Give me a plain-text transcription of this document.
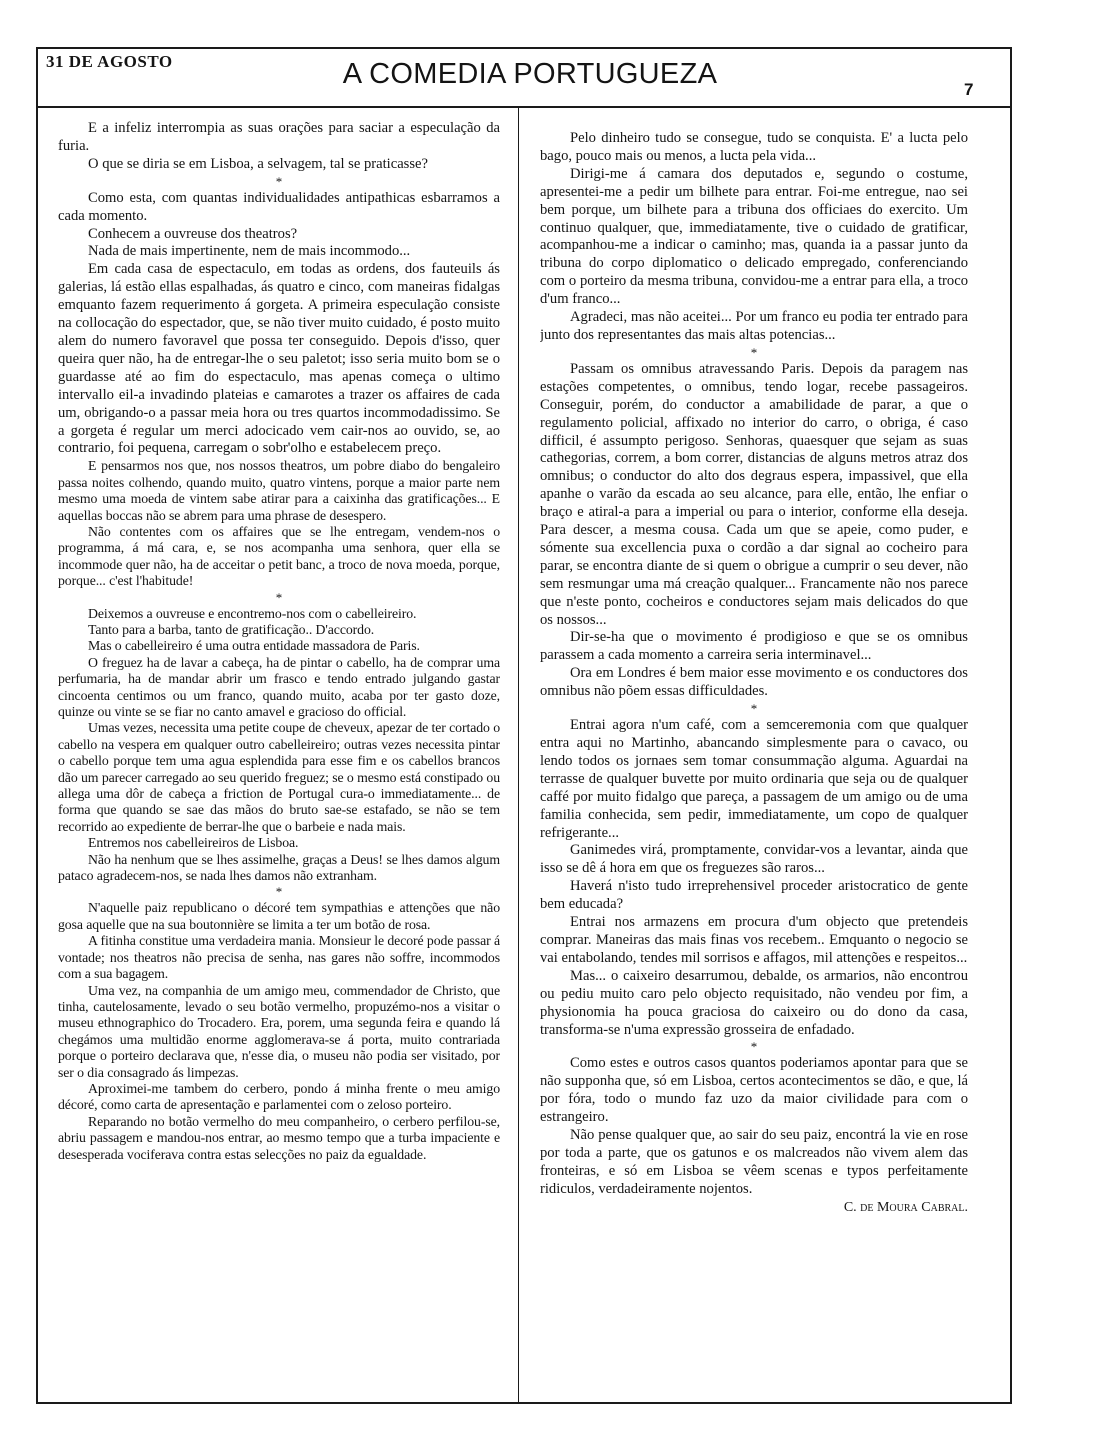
31 DE AGOSTO	A COMEDIA PORTUGUEZA	7

E a infeliz interrompia as suas orações para saciar a especulação da furia.

O que se diria se em Lisboa, a selvagem, tal se praticasse?

*

Como esta, com quantas individualidades antipathicas esbarramos a cada momento.

Conhecem a ouvreuse dos theatros?

Nada de mais impertinente, nem de mais incommodo...

Em cada casa de espectaculo, em todas as ordens, dos fauteuils ás galerias, lá estão ellas espalhadas, ás quatro e cinco, com maneiras fidalgas emquanto fazem requerimento á gorgeta. A primeira especulação consiste na collocação do espectador, que, se não tiver muito cuidado, é posto muito alem do numero favoravel que possa ter conseguido. Depois d'isso, quer queira quer não, ha de entregar-lhe o seu paletot; isso seria muito bom se o guardasse até ao fim do espectaculo, mas apenas começa o ultimo intervallo eil-a invadindo plateias e camarotes a trazer os affaires de cada um, obrigando-o a passar meia hora ou tres quartos incommodadissimo. Se a gorgeta é regular um merci adocicado vem cair-nos ao ouvido, se, ao contrario, foi pequena, carregam o sobr'olho e estabelecem preço.

E pensarmos nos que, nos nossos theatros, um pobre diabo do bengaleiro passa noites colhendo, quando muito, quatro vintens, porque a maior parte nem mesmo uma moeda de vintem sabe atirar para a caixinha das gratificações... E aquellas boccas não se abrem para uma phrase de desespero.

Não contentes com os affaires que se lhe entregam, vendem-nos o programma, á má cara, e, se nos acompanha uma senhora, quer ella se incommode quer não, ha de acceitar o petit banc, a troco de nova moeda, porque, porque... c'est l'habitude!

*

Deixemos a ouvreuse e encontremo-nos com o cabelleireiro.

Tanto para a barba, tanto de gratificação.. D'accordo.

Mas o cabelleireiro é uma outra entidade massadora de Paris.

O freguez ha de lavar a cabeça, ha de pintar o cabello, ha de comprar uma perfumaria, ha de mandar abrir um frasco e tendo entrado julgando gastar cincoenta centimos ou um franco, quando muito, acaba por ter gasto doze, quinze ou vinte se se fiar no canto amavel e gracioso do official.

Umas vezes, necessita uma petite coupe de cheveux, apezar de ter cortado o cabello na vespera em qualquer outro cabelleireiro; outras vezes necessita pintar o cabello porque tem uma agua esplendida para esse fim e os cabellos brancos dão um parecer carregado ao seu querido freguez; se o mesmo está constipado ou allega uma dôr de cabeça a friction de Portugal cura-o immediatamente... de forma que quando se sae das mãos do bruto sae-se estafado, se não se tem recorrido ao expediente de berrar-lhe que o barbeie e nada mais.

Entremos nos cabelleireiros de Lisboa.

Não ha nenhum que se lhes assimelhe, graças a Deus! se lhes damos algum pataco agradecem-nos, se nada lhes damos não extranham.

*

N'aquelle paiz republicano o décoré tem sympathias e attenções que não gosa aquelle que na sua boutonnière se limita a ter um botão de rosa.

A fitinha constitue uma verdadeira mania. Monsieur le decoré pode passar á vontade; nos theatros não precisa de senha, nas gares não soffre, incommodos com a sua bagagem.

Uma vez, na companhia de um amigo meu, commendador de Christo, que tinha, cautelosamente, levado o seu botão vermelho, propuzémo-nos a visitar o museu ethnographico do Trocadero. Era, porem, uma segunda feira e quando lá chegámos uma multidão enorme agglomerava-se á porta, muito contrariada porque o porteiro declarava que, n'esse dia, o museu não podia ser visitado, por ser o dia consagrado ás limpezas.

Aproximei-me tambem do cerbero, pondo á minha frente o meu amigo décoré, como carta de apresentação e parlamentei com o zeloso porteiro.

Reparando no botão vermelho do meu companheiro, o cerbero perfilou-se, abriu passagem e mandou-nos entrar, ao mesmo tempo que a turba impaciente e desesperada vociferava contra estas selecções no paiz da egualdade.

Pelo dinheiro tudo se consegue, tudo se conquista. E' a lucta pelo bago, pouco mais ou menos, a lucta pela vida...

Dirigi-me á camara dos deputados e, segundo o costume, apresentei-me a pedir um bilhete para entrar. Foi-me entregue, nao sei bem porque, um bilhete para a tribuna dos officiaes do exercito. Um continuo qualquer, que, immediatamente, tive o cuidado de gratificar, acompanhou-me a indicar o caminho; mas, quanda ia a passar junto da tribuna do corpo diplomatico o delicado empregado, conferenciando com o porteiro da mesma tribuna, convidou-me a entrar para ella, a troco d'um franco...

Agradeci, mas não aceitei... Por um franco eu podia ter entrado para junto dos representantes das mais altas potencias...

*

Passam os omnibus atravessando Paris. Depois da paragem nas estações competentes, o omnibus, tendo logar, recebe passageiros. Conseguir, porém, do conductor a amabilidade de parar, a que o regulamento policial, affixado no interior do carro, o obriga, é caso difficil, é assumpto perigoso. Senhoras, quaesquer que sejam as suas cathegorias, correm, a bom correr, distancias de alguns metros atraz dos omnibus; o conductor do alto dos degraus espera, impassivel, que ella apanhe o varão da escada ao seu alcance, para elle, então, lhe enfiar o braço e atiral-a para a imperial ou para o interior, conforme ella deseja. Para descer, a mesma cousa. Cada um que se apeie, como puder, e sómente sua excellencia puxa o cordão a dar signal ao cocheiro para parar, se encontra diante de si quem o obrigue a cumprir o seu dever, não sem resmungar uma má creação qualquer... Francamente não nos parece que n'este ponto, cocheiros e conductores sejam mais delicados do que os nossos...

Dir-se-ha que o movimento é prodigioso e que se os omnibus parassem a cada momento a carreira seria interminavel...

Ora em Londres é bem maior esse movimento e os conductores dos omnibus não põem essas difficuldades.

*

Entrai agora n'um café, com a semceremonia com que qualquer entra aqui no Martinho, abancando simplesmente para o cavaco, ou lendo todos os jornaes sem tomar consummação alguma. Aguardai na terrasse de qualquer buvette por muito ordinaria que seja ou de qualquer caffé por muito fidalgo que pareça, a passagem de um amigo ou de uma familia conhecida, sem pedir, immediatamente, um copo de qualquer refrigerante...

Ganimedes virá, promptamente, convidar-vos a levantar, ainda que isso se dê á hora em que os freguezes são raros...

Haverá n'isto tudo irreprehensivel proceder aristocratico de gente bem educada?

Entrai nos armazens em procura d'um objecto que pretendeis comprar. Maneiras das mais finas vos recebem.. Emquanto o negocio se vai entabolando, tendes mil sorrisos e affagos, mil attenções e respeitos...

Mas... o caixeiro desarrumou, debalde, os armarios, não encontrou ou pediu muito caro pelo objecto requisitado, não vendeu por fim, a physionomia ha pouca graciosa do caixeiro ou do dono da casa, transforma-se n'uma expressão grosseira de enfadado.

*

Como estes e outros casos quantos poderiamos apontar para que se não supponha que, só em Lisboa, certos acontecimentos se dão, e que, lá por fóra, todo o mundo faz uzo da maior civilidade para com o estrangeiro.

Não pense qualquer que, ao sair do seu paiz, encontrá la vie en rose por toda a parte, que os gatunos e os malcreados não vivem alem das fronteiras, e só em Lisboa se vêem scenas e typos perfeitamente ridiculos, verdadeiramente nojentos.

C. de Moura Cabral.
